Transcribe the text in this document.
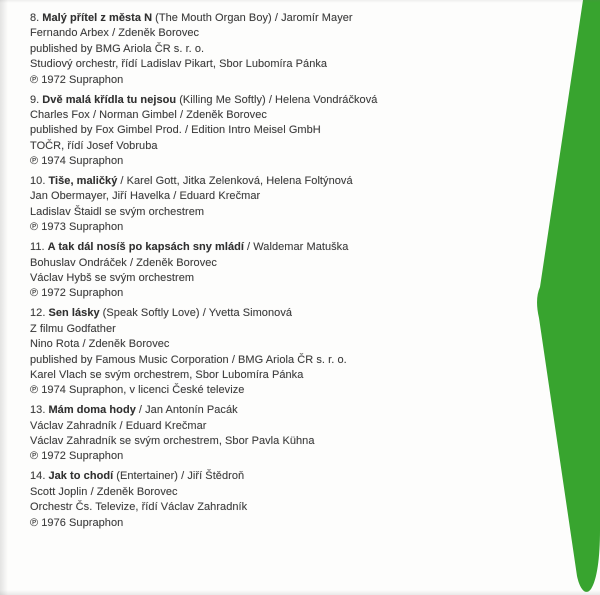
8. Malý přítel z města N (The Mouth Organ Boy) / Jaromír Mayer
Fernando Arbex / Zdeněk Borovec
published by BMG Ariola ČR s. r. o.
Studiový orchestr, řídí Ladislav Pikart, Sbor Lubomíra Pánka
℗ 1972 Supraphon
9. Dvě malá křídla tu nejsou (Killing Me Softly) / Helena Vondráčková
Charles Fox / Norman Gimbel / Zdeněk Borovec
published by Fox Gimbel Prod. / Edition Intro Meisel GmbH
TOČR, řídí Josef Vobruba
℗ 1974 Supraphon
10. Tiše, maličký / Karel Gott, Jitka Zelenková, Helena Foltýnová
Jan Obermayer, Jiří Havelka / Eduard Krečmar
Ladislav Štaidl se svým orchestrem
℗ 1973 Supraphon
11. A tak dál nosíš po kapsách sny mládí / Waldemar Matuška
Bohuslav Ondráček / Zdeněk Borovec
Václav Hybš se svým orchestrem
℗ 1972 Supraphon
12. Sen lásky (Speak Softly Love) / Yvetta Simonová
Z filmu Godfather
Nino Rota / Zdeněk Borovec
published by Famous Music Corporation / BMG Ariola ČR s. r. o.
Karel Vlach se svým orchestrem, Sbor Lubomíra Pánka
℗ 1974 Supraphon, v licenci České televize
13. Mám doma hody / Jan Antonín Pacák
Václav Zahradník / Eduard Krečmar
Václav Zahradník se svým orchestrem, Sbor Pavla Kühna
℗ 1972 Supraphon
14. Jak to chodí (Entertainer) / Jiří Štědroň
Scott Joplin / Zdeněk Borovec
Orchestr Čs. Televize, řídí Václav Zahradník
℗ 1976 Supraphon
